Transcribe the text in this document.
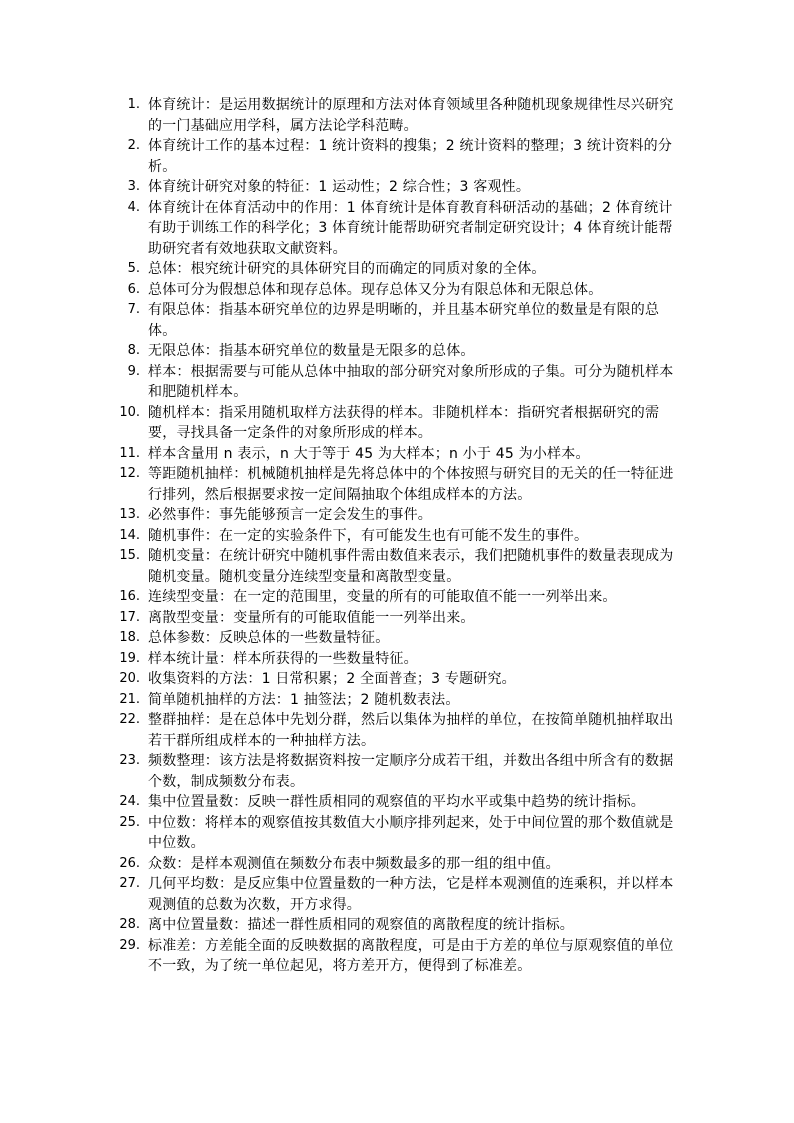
1. 体育统计：是运用数据统计的原理和方法对体育领域里各种随机现象规律性尽兴研究的一门基础应用学科，属方法论学科范畴。
2. 体育统计工作的基本过程：1 统计资料的搜集；2 统计资料的整理；3 统计资料的分析。
3. 体育统计研究对象的特征：1 运动性；2 综合性；3 客观性。
4. 体育统计在体育活动中的作用：1 体育统计是体育教育科研活动的基础；2 体育统计有助于训练工作的科学化；3 体育统计能帮助研究者制定研究设计；4 体育统计能帮助研究者有效地获取文献资料。
5. 总体：根究统计研究的具体研究目的而确定的同质对象的全体。
6. 总体可分为假想总体和现存总体。现存总体又分为有限总体和无限总体。
7. 有限总体：指基本研究单位的边界是明晰的，并且基本研究单位的数量是有限的总体。
8. 无限总体：指基本研究单位的数量是无限多的总体。
9. 样本：根据需要与可能从总体中抽取的部分研究对象所形成的子集。可分为随机样本和肥随机样本。
10. 随机样本：指采用随机取样方法获得的样本。非随机样本：指研究者根据研究的需要，寻找具备一定条件的对象所形成的样本。
11. 样本含量用 n 表示，n 大于等于 45 为大样本；n 小于 45 为小样本。
12. 等距随机抽样：机械随机抽样是先将总体中的个体按照与研究目的无关的任一特征进行排列，然后根据要求按一定间隔抽取个体组成样本的方法。
13. 必然事件：事先能够预言一定会发生的事件。
14. 随机事件：在一定的实验条件下，有可能发生也有可能不发生的事件。
15. 随机变量：在统计研究中随机事件需由数值来表示，我们把随机事件的数量表现成为随机变量。随机变量分连续型变量和离散型变量。
16. 连续型变量：在一定的范围里，变量的所有的可能取值不能一一列举出来。
17. 离散型变量：变量所有的可能取值能一一列举出来。
18. 总体参数：反映总体的一些数量特征。
19. 样本统计量：样本所获得的一些数量特征。
20. 收集资料的方法：1 日常积累；2 全面普查；3 专题研究。
21. 简单随机抽样的方法：1 抽签法；2 随机数表法。
22. 整群抽样：是在总体中先划分群，然后以集体为抽样的单位，在按简单随机抽样取出若干群所组成样本的一种抽样方法。
23. 频数整理：该方法是将数据资料按一定顺序分成若干组，并数出各组中所含有的数据个数，制成频数分布表。
24. 集中位置量数：反映一群性质相同的观察值的平均水平或集中趋势的统计指标。
25. 中位数：将样本的观察值按其数值大小顺序排列起来，处于中间位置的那个数值就是中位数。
26. 众数：是样本观测值在频数分布表中频数最多的那一组的组中值。
27. 几何平均数：是反应集中位置量数的一种方法，它是样本观测值的连乘积，并以样本观测值的总数为次数，开方求得。
28. 离中位置量数：描述一群性质相同的观察值的离散程度的统计指标。
29. 标准差：方差能全面的反映数据的离散程度，可是由于方差的单位与原观察值的单位不一致，为了统一单位起见，将方差开方，便得到了标准差。
